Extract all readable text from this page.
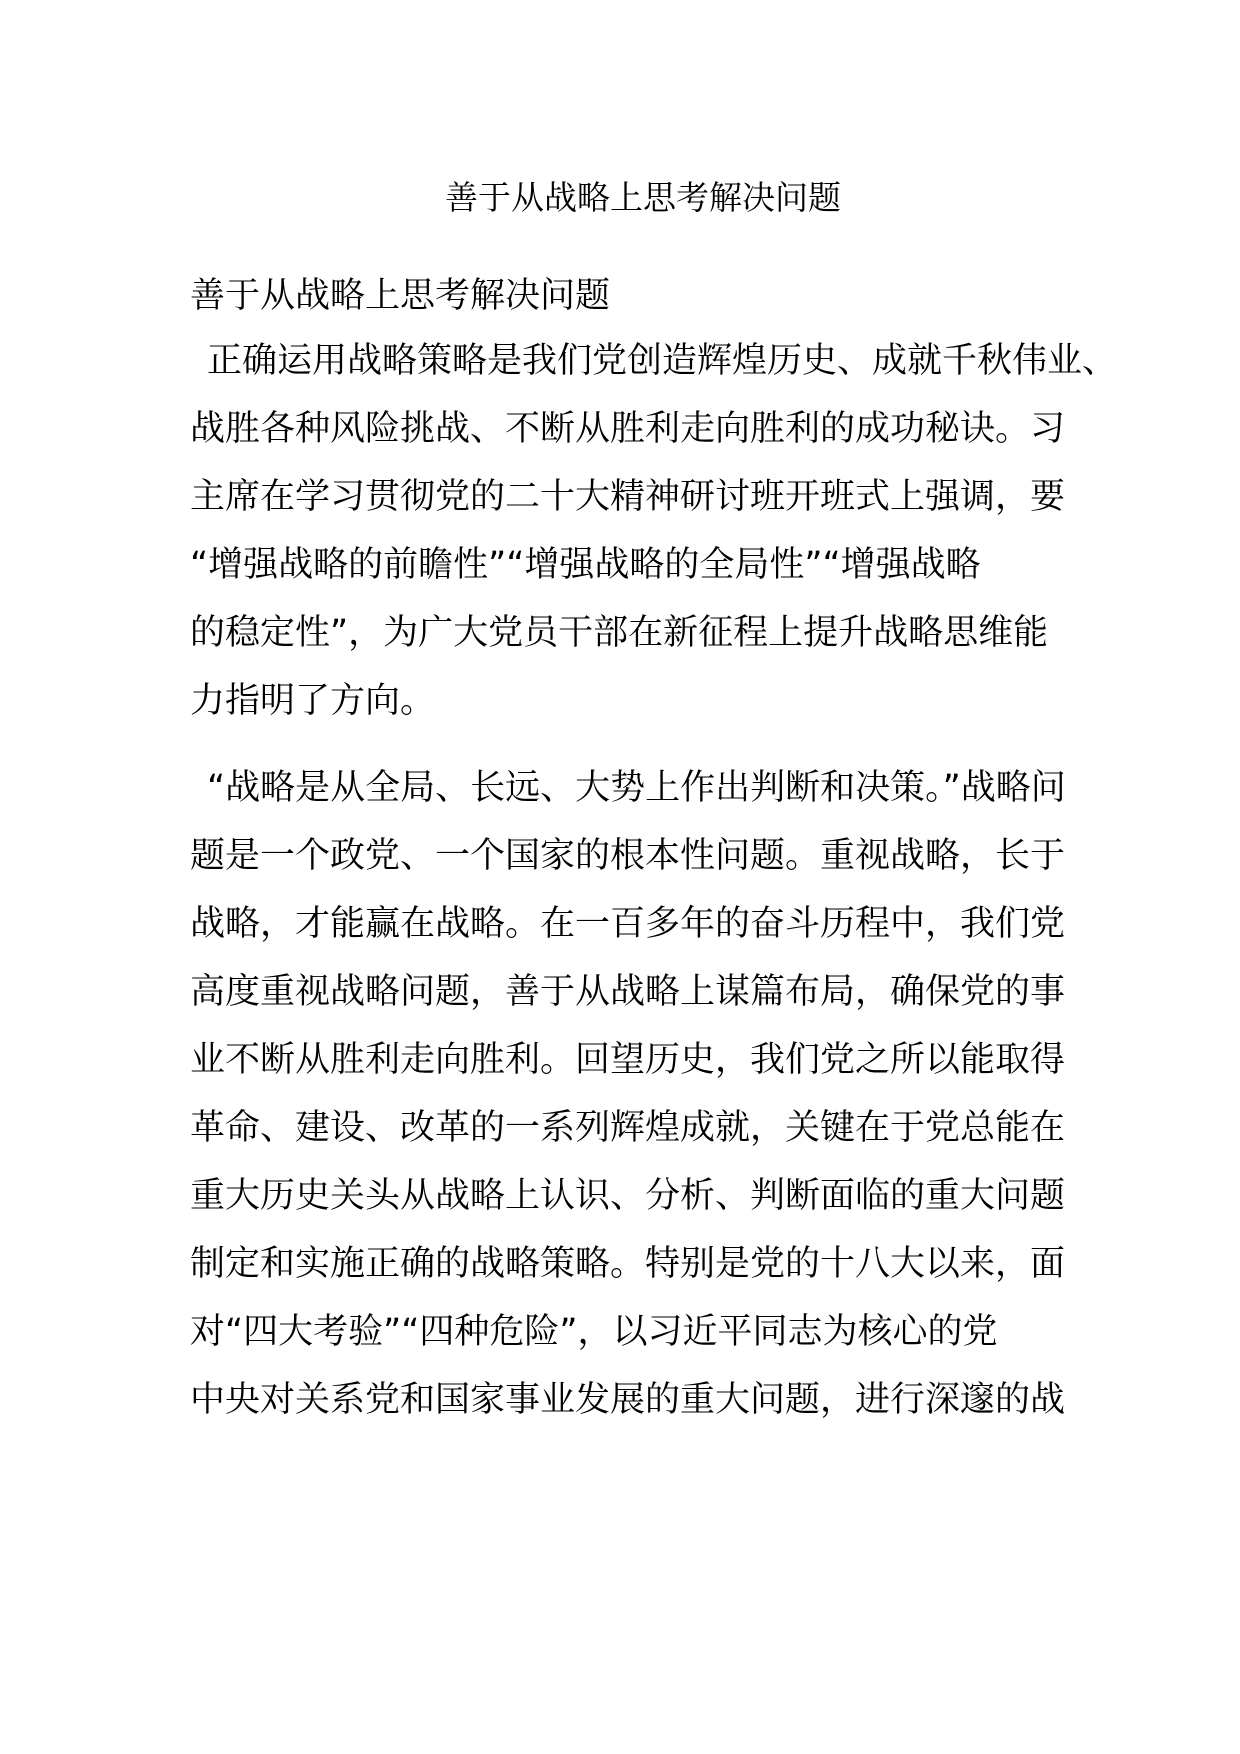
善于从战略上思考解决问题
善于从战略上思考解决问题
正确运用战略策略是我们党创造辉煌历史、成就千秋伟业、
战胜各种风险挑战、不断从胜利走向胜利的成功秘诀。习
主席在学习贯彻党的二十大精神研讨班开班式上强调，要
“增强战略的前瞻性”“增强战略的全局性”“增强战略
的稳定性”，为广大党员干部在新征程上提升战略思维能
力指明了方向。
“战略是从全局、长远、大势上作出判断和决策。”战略问
题是一个政党、一个国家的根本性问题。重视战略，长于
战略，才能赢在战略。在一百多年的奋斗历程中，我们党
高度重视战略问题，善于从战略上谋篇布局，确保党的事
业不断从胜利走向胜利。回望历史，我们党之所以能取得
革命、建设、改革的一系列辉煌成就，关键在于党总能在
重大历史关头从战略上认识、分析、判断面临的重大问题
制定和实施正确的战略策略。特别是党的十八大以来，面
对“四大考验”“四种危险”，以习近平同志为核心的党
中央对关系党和国家事业发展的重大问题，进行深邃的战
